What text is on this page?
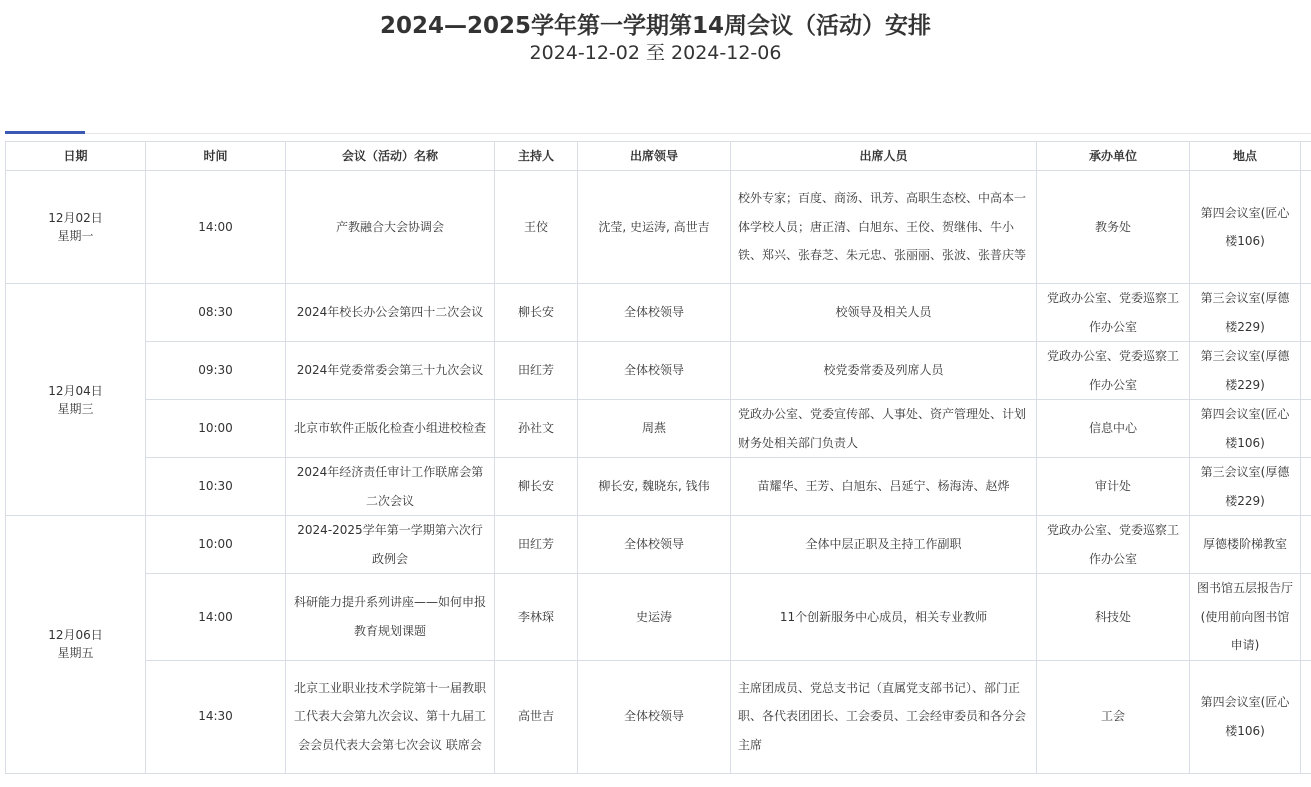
2024—2025学年第一学期第14周会议（活动）安排
2024-12-02 至 2024-12-06
日期	时间	会议（活动）名称	主持人	出席领导	出席人员	承办单位	地点	

12月02日
星期一	14:00	产教融合大会协调会	王佼	沈莹, 史运涛, 高世吉	校外专家；百度、商汤、讯芳、高职生态校、中高本一体学校人员；唐正清、白旭东、王佼、贺继伟、牛小铁、郑兴、张春芝、朱元忠、张丽丽、张波、张普庆等	教务处	第四会议室(匠心楼106)	

12月04日
星期三	08:30	2024年校长办公会第四十二次会议	柳长安	全体校领导	校领导及相关人员	党政办公室、党委巡察工作办公室	第三会议室(厚德楼229)	
	09:30	2024年党委常委会第三十九次会议	田红芳	全体校领导	校党委常委及列席人员	党政办公室、党委巡察工作办公室	第三会议室(厚德楼229)	
	10:00	北京市软件正版化检查小组进校检查	孙社文	周燕	党政办公室、党委宣传部、人事处、资产管理处、计划财务处相关部门负责人	信息中心	第四会议室(匠心楼106)	
	10:30	2024年经济责任审计工作联席会第二次会议	柳长安	柳长安, 魏晓东, 钱伟	苗耀华、王芳、白旭东、吕延宁、杨海涛、赵烨	审计处	第三会议室(厚德楼229)	

12月06日
星期五	10:00	2024-2025学年第一学期第六次行政例会	田红芳	全体校领导	全体中层正职及主持工作副职	党政办公室、党委巡察工作办公室	厚德楼阶梯教室	
	14:00	科研能力提升系列讲座——如何申报教育规划课题	李林琛	史运涛	11个创新服务中心成员，相关专业教师	科技处	图书馆五层报告厅(使用前向图书馆申请)	
	14:30	北京工业职业技术学院第十一届教职工代表大会第九次会议、第十九届工会会员代表大会第七次会议 联席会	高世吉	全体校领导	主席团成员、党总支书记（直属党支部书记）、部门正职、各代表团团长、工会委员、工会经审委员和各分会主席	工会	第四会议室(匠心楼106)	
